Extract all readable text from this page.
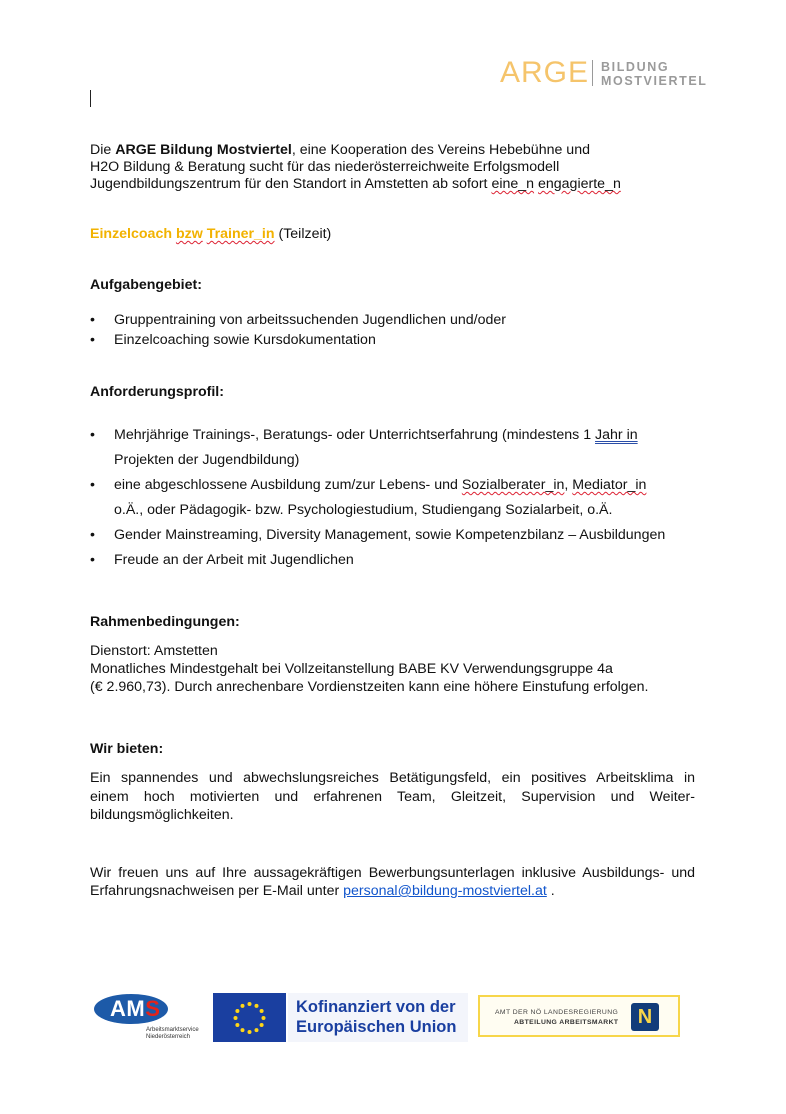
ARGE BILDUNG
MOSTVIERTEL
Die ARGE Bildung Mostviertel, eine Kooperation des Vereins Hebebühne und
H2O Bildung & Beratung sucht für das niederösterreichweite Erfolgsmodell
Jugendbildungszentrum für den Standort in Amstetten ab sofort eine_n engagierte_n
Einzelcoach bzw Trainer_in (Teilzeit)
Aufgabengebiet:
•
Gruppentraining von arbeitssuchenden Jugendlichen und/oder
•
Einzelcoaching sowie Kursdokumentation
Anforderungsprofil:
•
Mehrjährige Trainings-, Beratungs- oder Unterrichtserfahrung (mindestens 1 Jahr in
Projekten der Jugendbildung)
•
eine abgeschlossene Ausbildung zum/zur Lebens- und Sozialberater_in, Mediator_in
o.Ä., oder Pädagogik- bzw. Psychologiestudium, Studiengang Sozialarbeit, o.Ä.
•
Gender Mainstreaming, Diversity Management, sowie Kompetenzbilanz – Ausbildungen
•
Freude an der Arbeit mit Jugendlichen
Rahmenbedingungen:
Dienstort: Amstetten
Monatliches Mindestgehalt bei Vollzeitanstellung BABE KV Verwendungsgruppe 4a
(€ 2.960,73). Durch anrechenbare Vordienstzeiten kann eine höhere Einstufung erfolgen.
Wir bieten:
Ein spannendes und abwechslungsreiches Betätigungsfeld, ein positives Arbeitsklima in
einem hoch motivierten und erfahrenen Team, Gleitzeit, Supervision und Weiter-
bildungsmöglichkeiten.
Wir freuen uns auf Ihre aussagekräftigen Bewerbungsunterlagen inklusive Ausbildungs- und
Erfahrungsnachweisen per E-Mail unter personal@bildung-mostviertel.at .
AMS
Arbeitsmarktservice
Niederösterreich
Kofinanziert von der
Europäischen Union
AMT DER NÖ LANDESREGIERUNG
ABTEILUNG ARBEITSMARKT N
